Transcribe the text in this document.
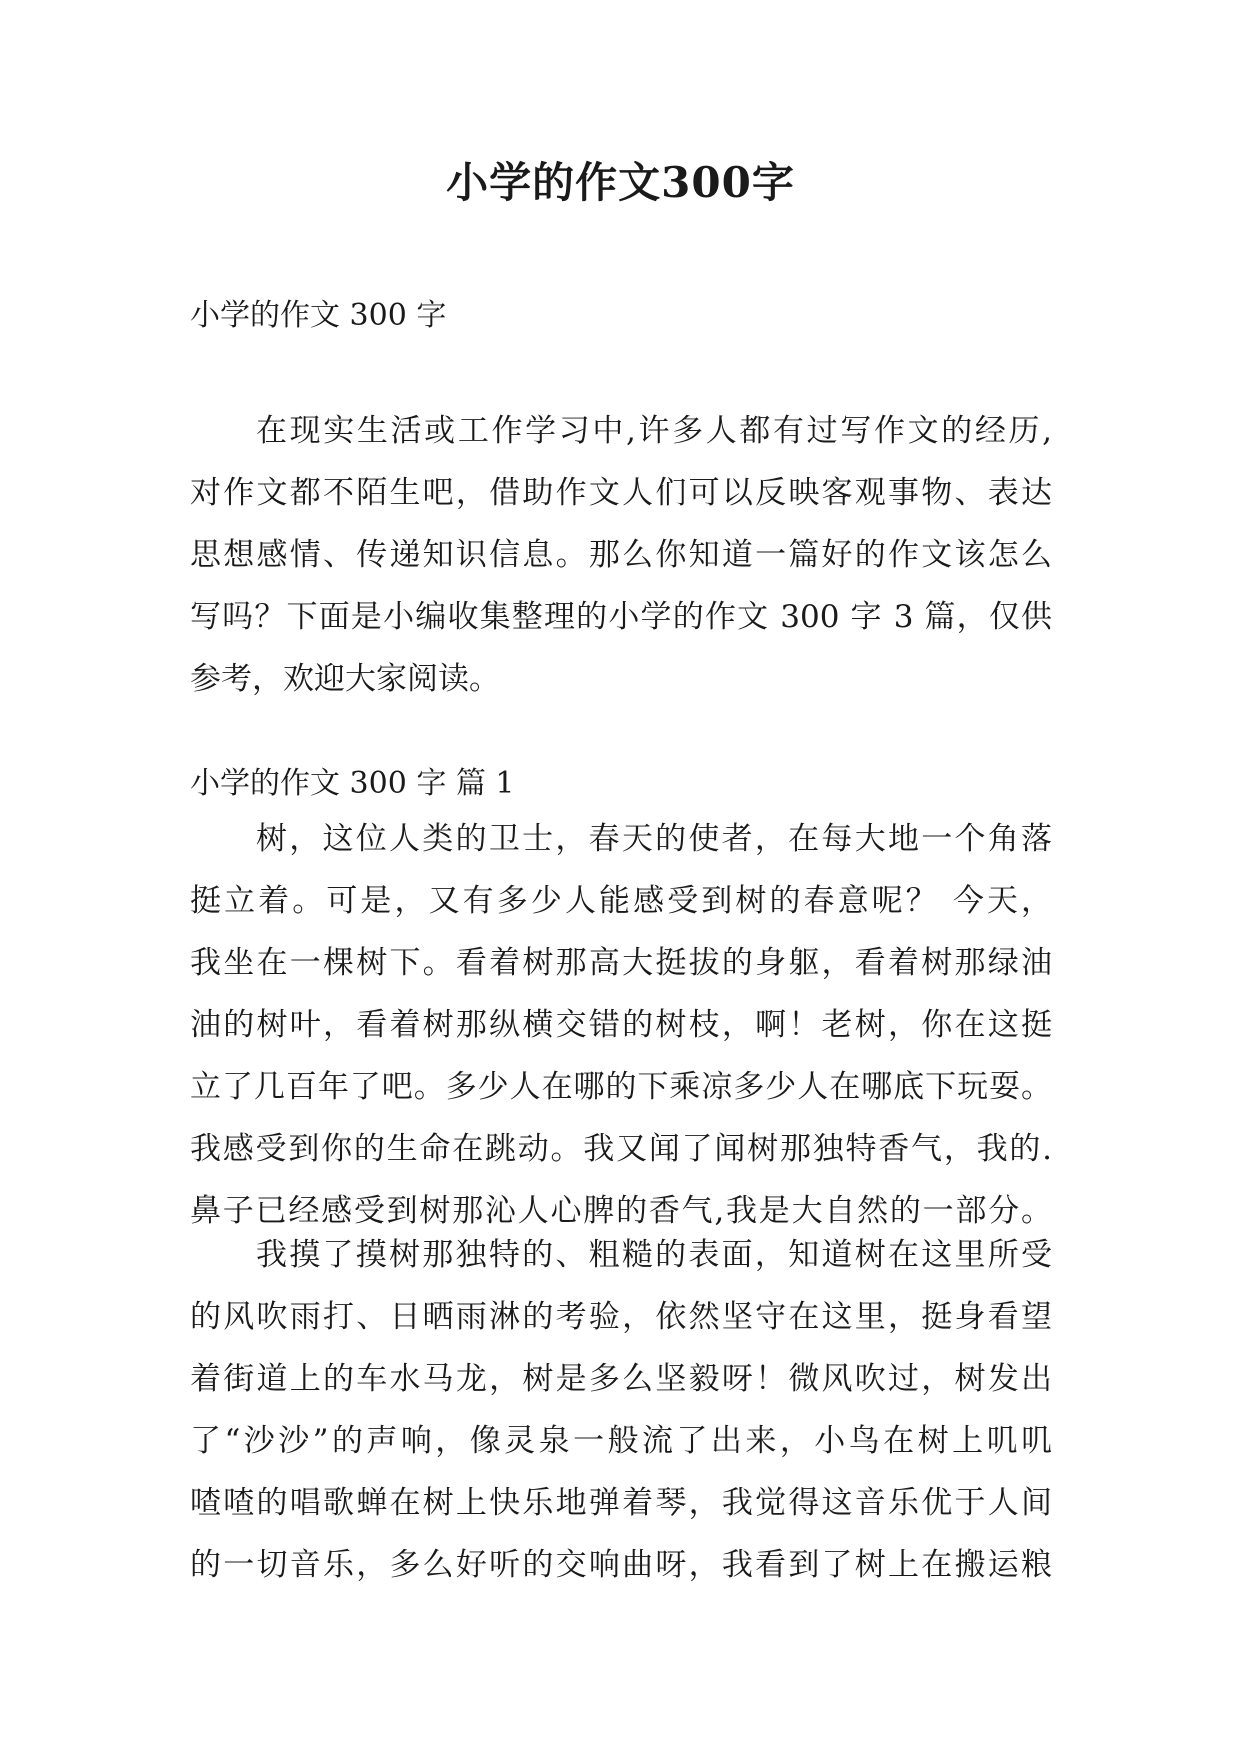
小学的作文300字

小学的作文 300 字

在现实生活或工作学习中,许多人都有过写作文的经历,
对作文都不陌生吧，借助作文人们可以反映客观事物、表达
思想感情、传递知识信息。那么你知道一篇好的作文该怎么
写吗？下面是小编收集整理的小学的作文 300 字 3 篇，仅供
参考，欢迎大家阅读。

小学的作文 300 字 篇 1

树，这位人类的卫士，春天的使者，在每大地一个角落
挺立着。可是，又有多少人能感受到树的春意呢？ 今天，
我坐在一棵树下。看着树那高大挺拔的身躯，看着树那绿油
油的树叶，看着树那纵横交错的树枝，啊！老树，你在这挺
立了几百年了吧。多少人在哪的下乘凉多少人在哪底下玩耍。
我感受到你的生命在跳动。我又闻了闻树那独特香气，我的.
鼻子已经感受到树那沁人心脾的香气,我是大自然的一部分。
我摸了摸树那独特的、粗糙的表面，知道树在这里所受
的风吹雨打、日晒雨淋的考验，依然坚守在这里，挺身看望
着街道上的车水马龙，树是多么坚毅呀！微风吹过，树发出
了“沙沙”的声响，像灵泉一般流了出来，小鸟在树上叽叽
喳喳的唱歌蝉在树上快乐地弹着琴，我觉得这音乐优于人间
的一切音乐，多么好听的交响曲呀，我看到了树上在搬运粮
